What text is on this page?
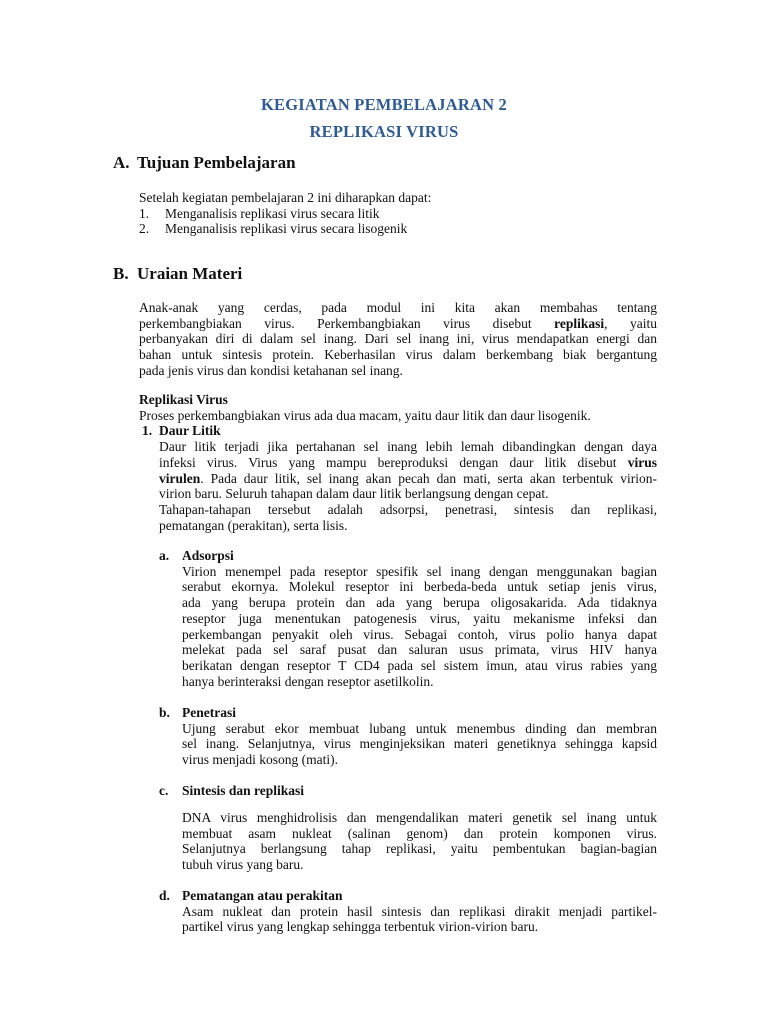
KEGIATAN PEMBELAJARAN 2
REPLIKASI VIRUS
A. Tujuan Pembelajaran
Setelah kegiatan pembelajaran 2 ini diharapkan dapat:
1. Menganalisis replikasi virus secara litik
2. Menganalisis replikasi virus secara lisogenik
B. Uraian Materi
Anak-anak yang cerdas, pada modul ini kita akan membahas tentang
perkembangbiakan virus. Perkembangbiakan virus disebut replikasi, yaitu
perbanyakan diri di dalam sel inang. Dari sel inang ini, virus mendapatkan energi dan
bahan untuk sintesis protein. Keberhasilan virus dalam berkembang biak bergantung
pada jenis virus dan kondisi ketahanan sel inang.
Replikasi Virus
Proses perkembangbiakan virus ada dua macam, yaitu daur litik dan daur lisogenik.
1. Daur Litik
Daur litik terjadi jika pertahanan sel inang lebih lemah dibandingkan dengan daya
infeksi virus. Virus yang mampu bereproduksi dengan daur litik disebut virus
virulen. Pada daur litik, sel inang akan pecah dan mati, serta akan terbentuk virion-
virion baru. Seluruh tahapan dalam daur litik berlangsung dengan cepat.
Tahapan-tahapan tersebut adalah adsorpsi, penetrasi, sintesis dan replikasi,
pematangan (perakitan), serta lisis.
a. Adsorpsi
Virion menempel pada reseptor spesifik sel inang dengan menggunakan bagian
serabut ekornya. Molekul reseptor ini berbeda-beda untuk setiap jenis virus,
ada yang berupa protein dan ada yang berupa oligosakarida. Ada tidaknya
reseptor juga menentukan patogenesis virus, yaitu mekanisme infeksi dan
perkembangan penyakit oleh virus. Sebagai contoh, virus polio hanya dapat
melekat pada sel saraf pusat dan saluran usus primata, virus HIV hanya
berikatan dengan reseptor T CD4 pada sel sistem imun, atau virus rabies yang
hanya berinteraksi dengan reseptor asetilkolin.
b. Penetrasi
Ujung serabut ekor membuat lubang untuk menembus dinding dan membran
sel inang. Selanjutnya, virus menginjeksikan materi genetiknya sehingga kapsid
virus menjadi kosong (mati).
c. Sintesis dan replikasi
DNA virus menghidrolisis dan mengendalikan materi genetik sel inang untuk
membuat asam nukleat (salinan genom) dan protein komponen virus.
Selanjutnya berlangsung tahap replikasi, yaitu pembentukan bagian-bagian
tubuh virus yang baru.
d. Pematangan atau perakitan
Asam nukleat dan protein hasil sintesis dan replikasi dirakit menjadi partikel-
partikel virus yang lengkap sehingga terbentuk virion-virion baru.
